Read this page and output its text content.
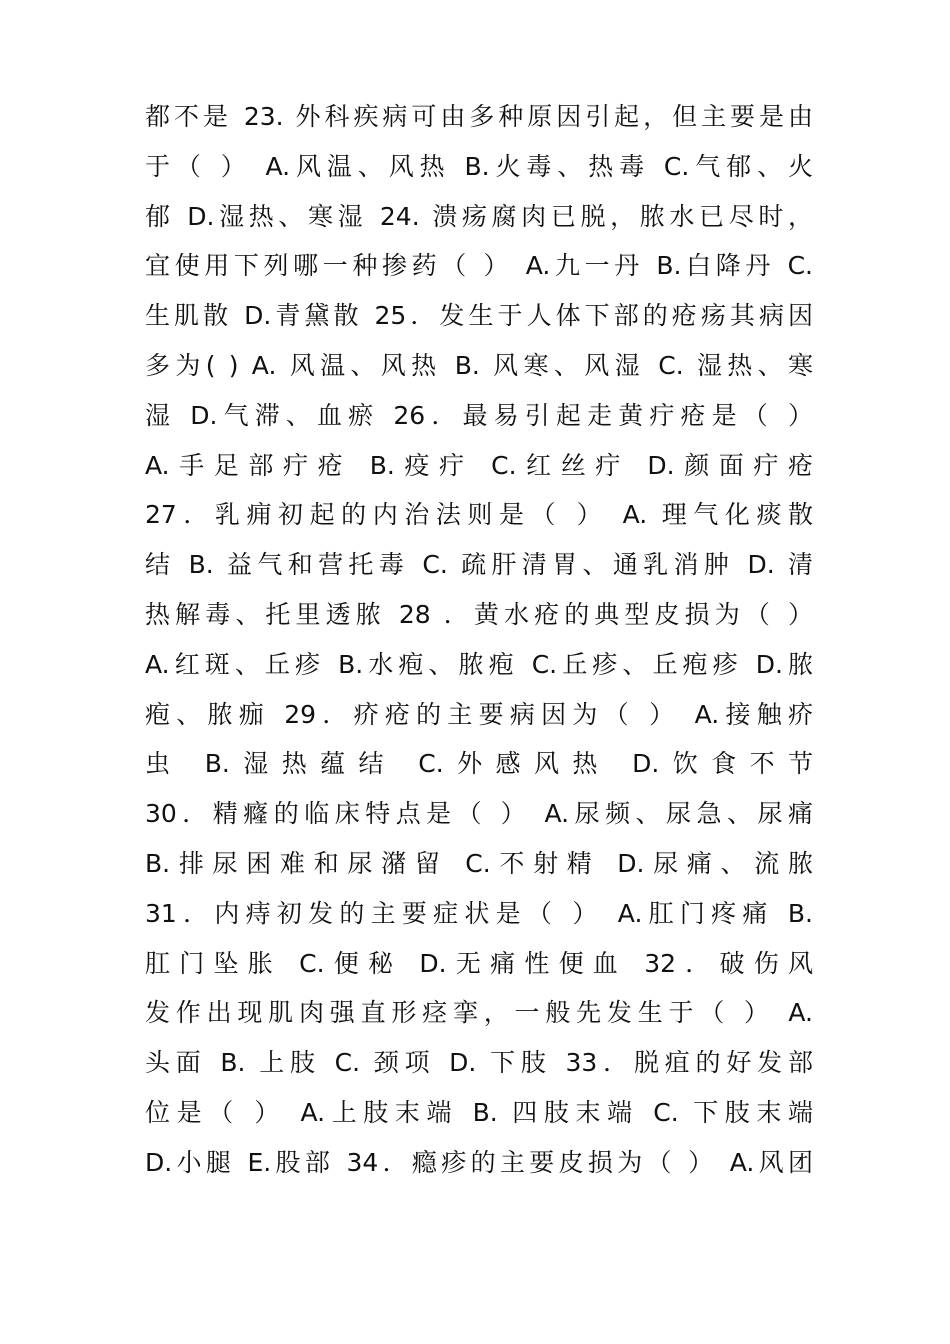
都不是 23. 外科疾病可由多种原因引起，但主要是由
于（ ） A.风温、风热 B.火毒、热毒 C.气郁、火
郁 D.湿热、寒湿 24. 溃疡腐肉已脱，脓水已尽时，
宜使用下列哪一种掺药（ ） A.九一丹 B.白降丹 C.
生肌散 D.青黛散 25．发生于人体下部的疮疡其病因
多为( ) A. 风温、风热 B. 风寒、风湿 C. 湿热、寒
湿 D.气滞、血瘀 26．最易引起走黄疔疮是（ ）
A.手足部疔疮 B.疫疔 C.红丝疔 D.颜面疔疮
27．乳痈初起的内治法则是（ ） A. 理气化痰散
结 B. 益气和营托毒 C. 疏肝清胃、通乳消肿 D. 清
热解毒、托里透脓 28 ．黄水疮的典型皮损为（ ）
A.红斑、丘疹 B.水疱、脓疱 C.丘疹、丘疱疹 D.脓
疱、脓痂 29．疥疮的主要病因为（ ） A.接触疥
虫 B.湿热蕴结 C.外感风热 D.饮食不节
30．精癃的临床特点是（ ） A.尿频、尿急、尿痛
B.排尿困难和尿潴留 C.不射精 D.尿痛、流脓
31．内痔初发的主要症状是（ ） A.肛门疼痛 B.
肛门坠胀 C.便秘 D.无痛性便血 32．破伤风
发作出现肌肉强直形痉挛，一般先发生于（ ） A.
头面 B. 上肢 C. 颈项 D. 下肢 33．脱疽的好发部
位是（ ） A.上肢末端 B. 四肢末端 C. 下肢末端
D.小腿 E.股部 34．瘾疹的主要皮损为（ ） A.风团
